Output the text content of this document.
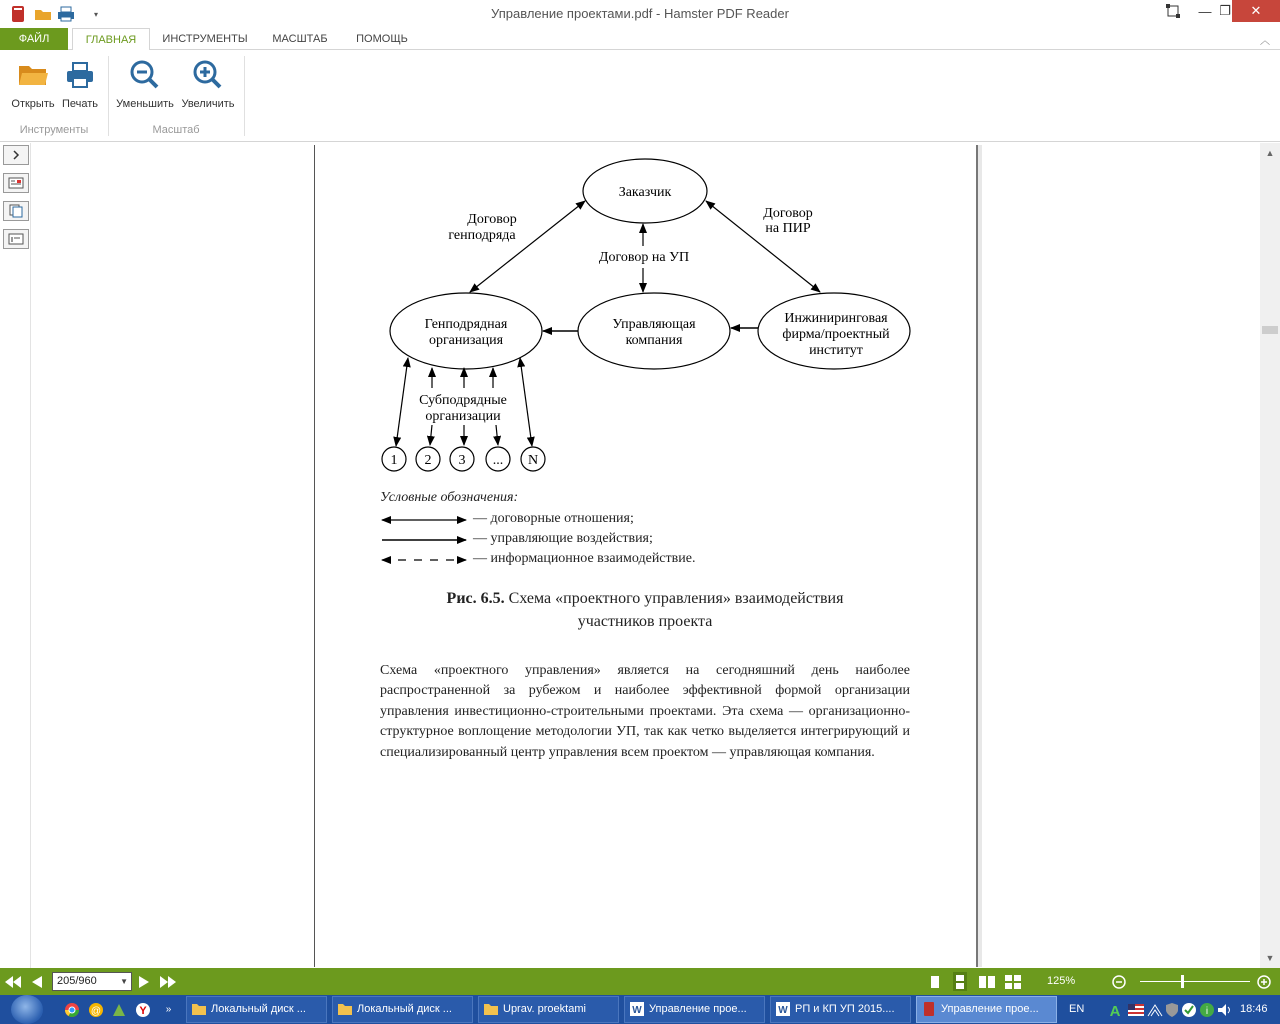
▾	Управление проектами.pdf - Hamster PDF Reader	— ❐	✕
ФАЙЛ	ГЛАВНАЯ	ИНСТРУМЕНТЫ	МАСШТАБ	ПОМОЩЬ	︿
Открыть Печать	Уменьшить Увеличить
Инструменты	Масштаб
Заказчик
Генподрядная
организация
Управляющая
компания
Инжиниринговая
фирма/проектный
институт
Договор
генподряда
Договор на УП
Договор
на ПИР
Субподрядные
организации
1 2 3 ... N
Условные обозначения:
— договорные отношения;
— управляющие воздействия;
— информационное взаимодействие.
Рис. 6.5. Схема «проектного управления» взаимодействия
участников проекта
Схема «проектного управления» является на сегодняшний день наиболее распространенной за рубежом и наиболее эффективной формой организации управления инвестиционно-строительными проектами. Эта схема — организационно-структурное воплощение методологии УП, так как четко выделяется интегрирующий и специализированный центр управления всем проектом — управляющая компания.
▲
▼
205/960	▼	125%
@	Y	»	Локальный диск ...	Локальный диск ...	Uprav. proektami	W Управление прое...	W РП и КП УП 2015....	Управление прое...	EN A	i	18:46
